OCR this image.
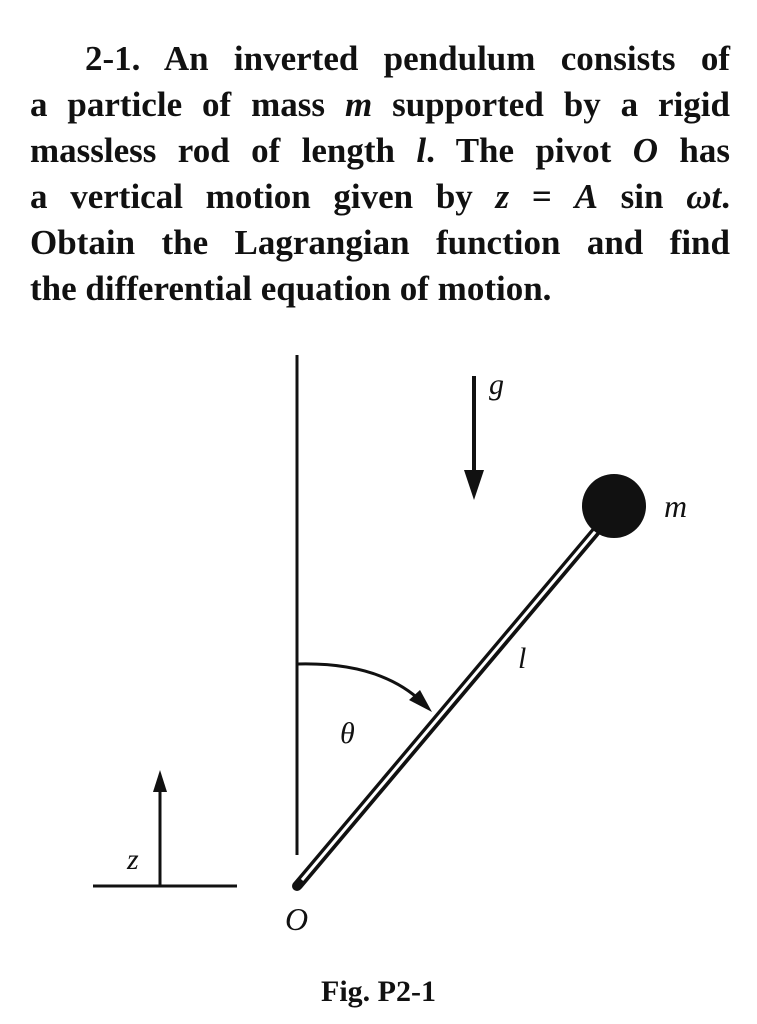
2-1. An inverted pendulum consists of
a particle of mass m supported by a rigid
massless rod of length l. The pivot O has
a vertical motion given by z = A sin ωt.
Obtain the Lagrangian function and find
the differential equation of motion.
g
m
l
θ
O
z
Fig. P2-1
